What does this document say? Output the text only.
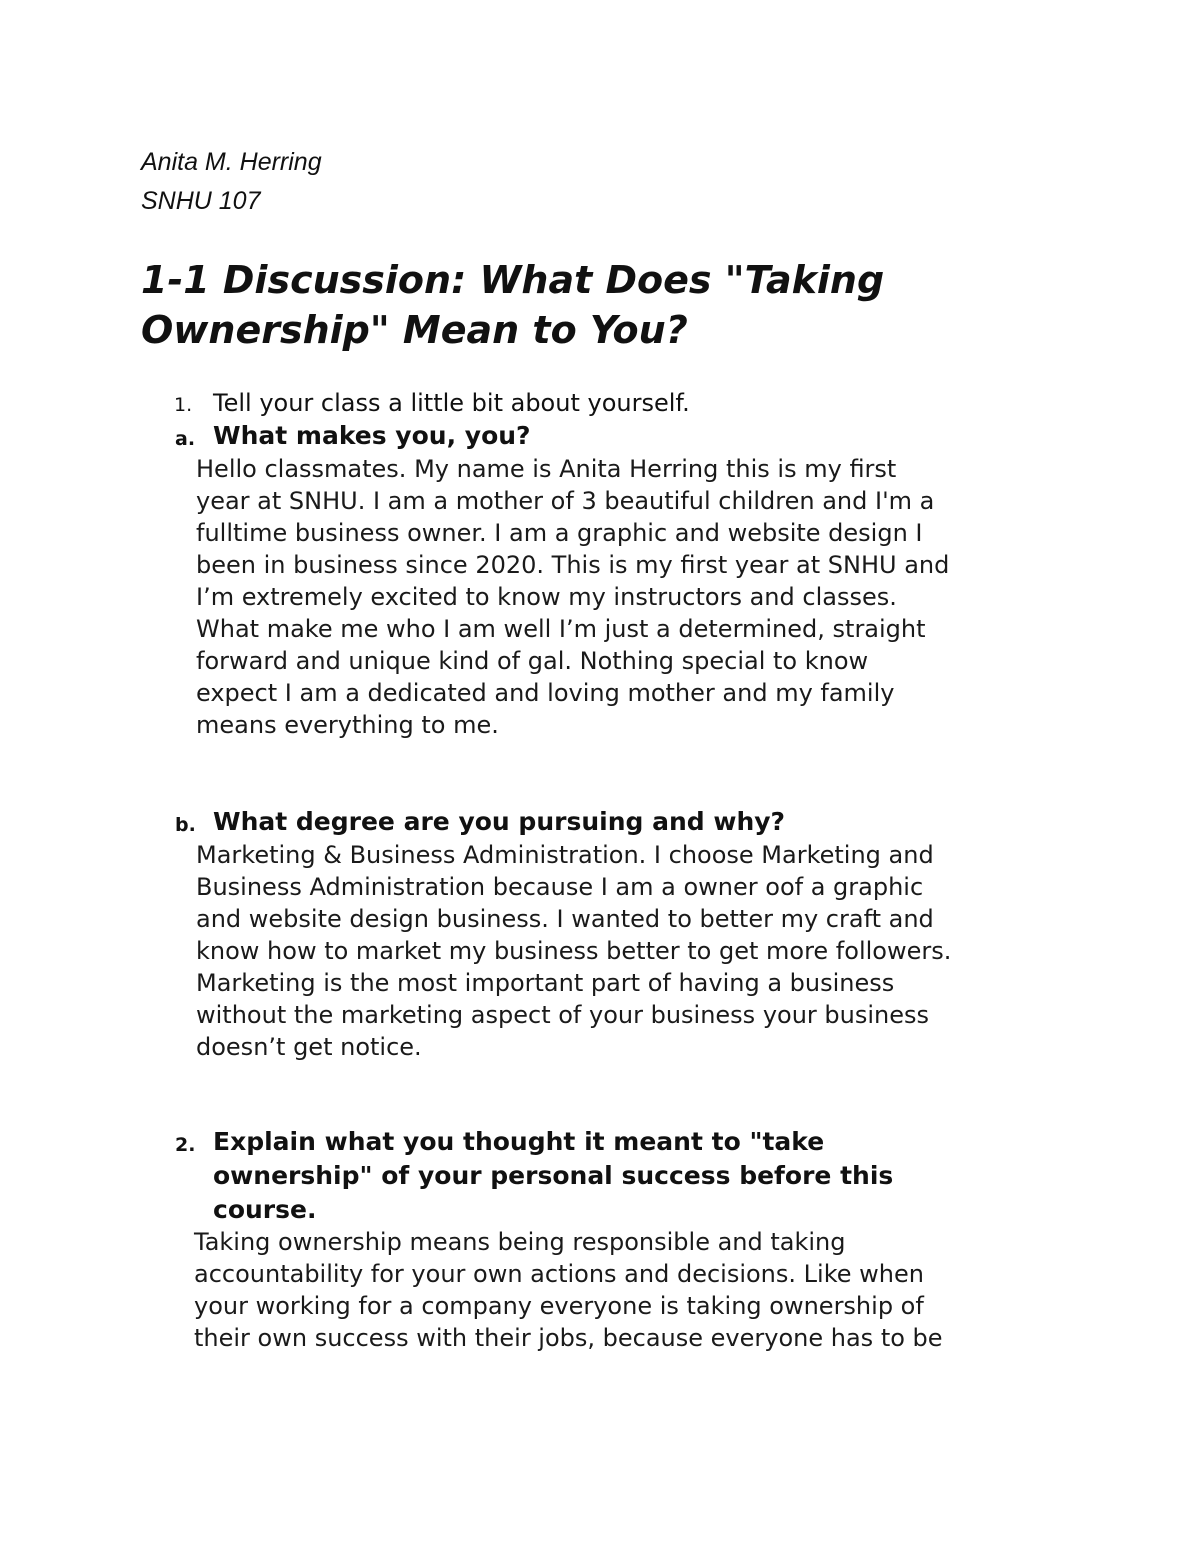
Anita M. Herring
SNHU 107
1-1 Discussion: What Does "Taking
Ownership" Mean to You?
1. Tell your class a little bit about yourself.
a. What makes you, you?
Hello classmates. My name is Anita Herring this is my first
year at SNHU. I am a mother of 3 beautiful children and I'm a
fulltime business owner. I am a graphic and website design I
been in business since 2020. This is my first year at SNHU and
I’m extremely excited to know my instructors and classes.
What make me who I am well I’m just a determined, straight
forward and unique kind of gal. Nothing special to know
expect I am a dedicated and loving mother and my family
means everything to me.
b. What degree are you pursuing and why?
Marketing & Business Administration. I choose Marketing and
Business Administration because I am a owner oof a graphic
and website design business. I wanted to better my craft and
know how to market my business better to get more followers.
Marketing is the most important part of having a business
without the marketing aspect of your business your business
doesn’t get notice.
2. Explain what you thought it meant to "take
ownership" of your personal success before this
course.
Taking ownership means being responsible and taking
accountability for your own actions and decisions. Like when
your working for a company everyone is taking ownership of
their own success with their jobs, because everyone has to be
